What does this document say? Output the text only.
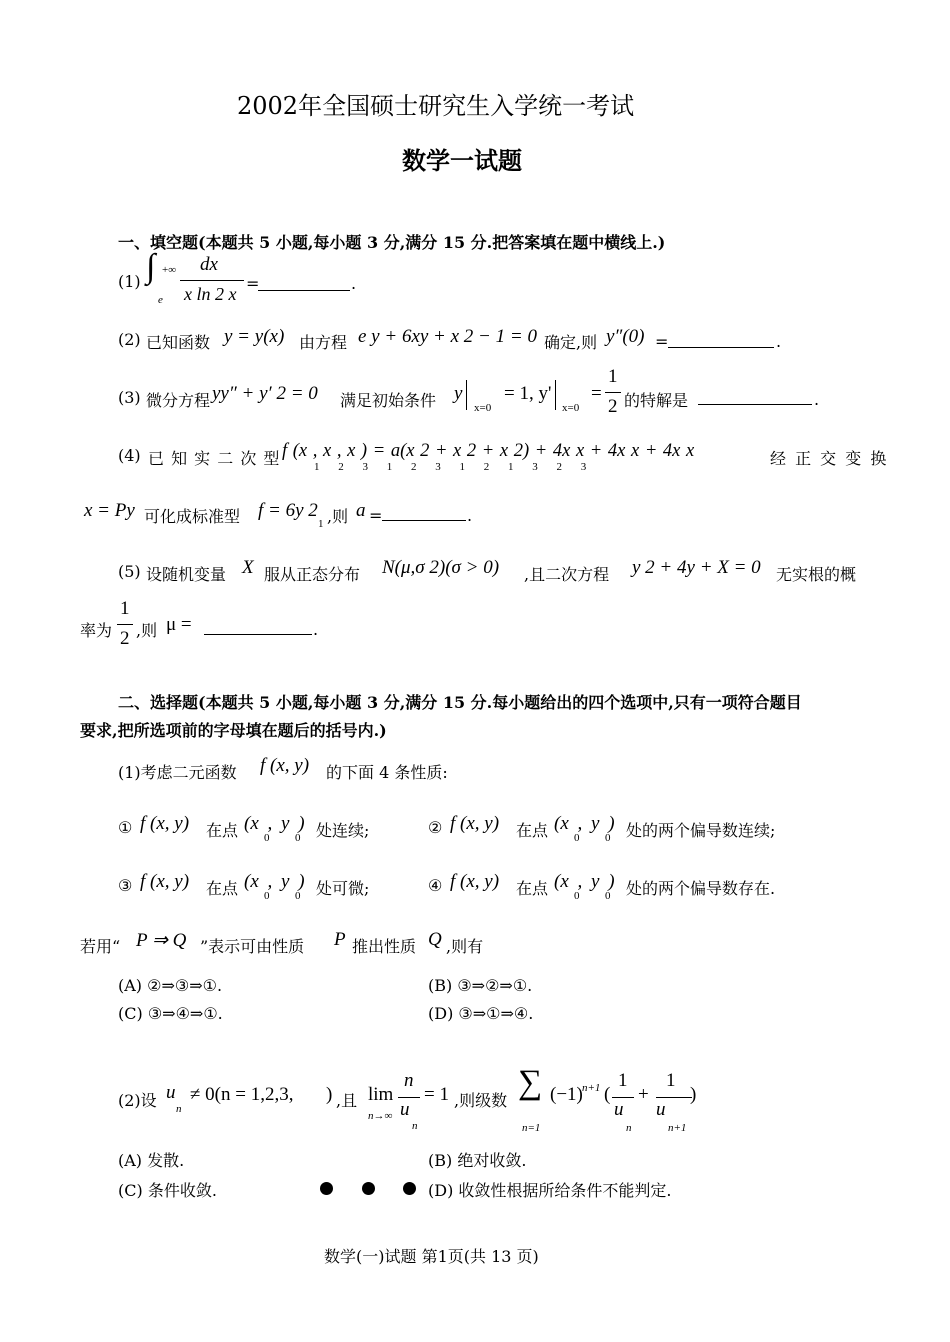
2002年全国硕士研究生入学统一考试
数学一试题
一、填空题(本题共 5 小题,每小题 3 分,满分 15 分.把答案填在题中横线上.)
(1) ∫ +∞
e
dx
x ln 2 x
=	.
(2) 已知函数 y = y(x) 由方程 e y + 6xy + x 2 − 1 = 0 确定,则 y″(0) =	.
(3) 微分方程 yy″ + y′ 2 = 0 满足初始条件 y
x=0
= 1, y'
x=0
=
1
2 的特解是	.
(4) 已 知 实 二 次 型 f (x , x , x ) = a(x 2 + x 2 + x 2) + 4x x + 4x x + 4x x
1 2 3 1 2 3 1 2 1 3 2 3	经 正 交 变 换
x = Py 可化成标准型 f = 6y 2
1 ,则 a =	.
(5) 设随机变量 X 服从正态分布 N(μ,σ 2)(σ > 0) ,且二次方程 y 2 + 4y + X = 0 无实根的概
率为
1
2 ,则 μ =	.
二、选择题(本题共 5 小题,每小题 3 分,满分 15 分.每小题给出的四个选项中,只有一项符合题目
要求,把所选项前的字母填在题后的括号内.)
(1)考虑二元函数 f (x, y) 的下面 4 条性质:
① f (x, y) 在点 (x , y )
0 0 处连续;	② f (x, y) 在点 (x , y )
0 0 处的两个偏导数连续;
③ f (x, y) 在点 (x , y )
0 0 处可微;	④ f (x, y) 在点 (x , y )
0 0 处的两个偏导数存在.
若用“ P ⇒ Q ”表示可由性质 P 推出性质 Q ,则有
(A) ②⇒③⇒①.	(B) ③⇒②⇒①.
(C) ③⇒④⇒①.	(D) ③⇒①⇒④.
(2)设 u
n
≠ 0(n = 1,2,3, ) ,且 lim
n→∞
n
u
n
= 1 ,则级数 ∑
n=1
(−1) n+1 (
1
u
n
+
1
u
n+1
)
(A) 发散.	(B) 绝对收敛.
(C) 条件收敛.	(D) 收敛性根据所给条件不能判定.
数学(一)试题 第1页(共 13 页)
